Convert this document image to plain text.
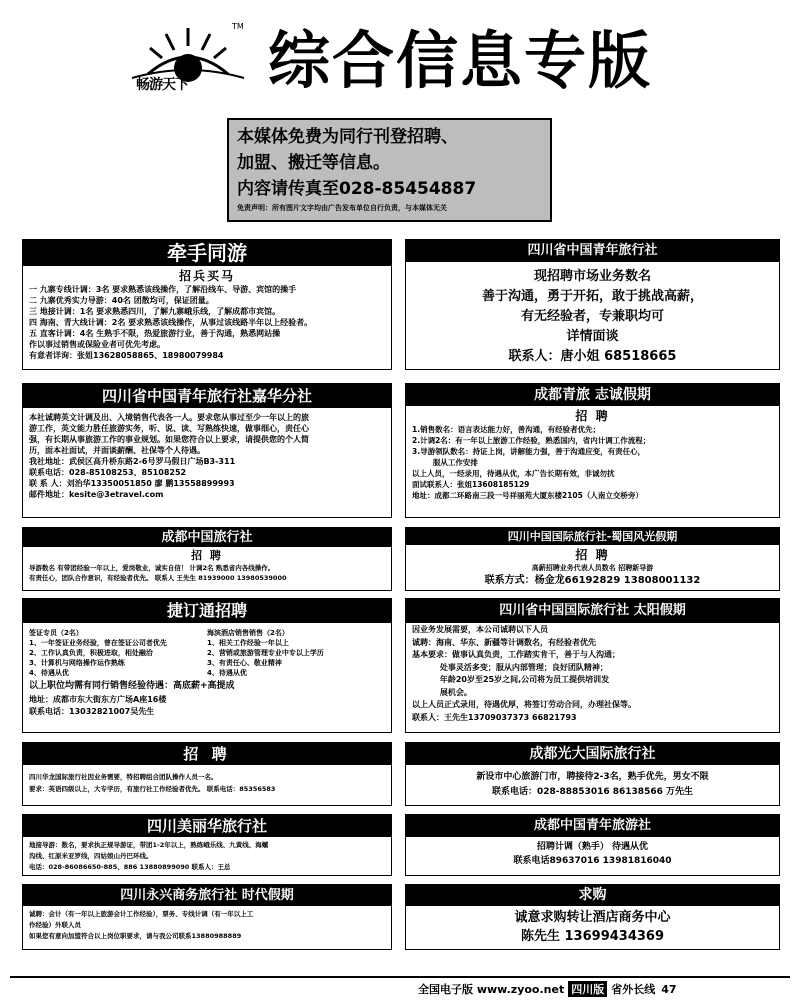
畅游天下
TM 综合信息专版
本媒体免费为同行刊登招聘、
加盟、搬迁等信息。
内容请传真至028-85454887
免责声明：所有图片文字均由广告发布单位自行负责，与本媒体无关
牵手同游
招兵买马
一 九寨专线计调：3名 要求熟悉该线操作，了解沿线车、导游、宾馆的操手
二 九寨优秀实力导游：40名 团散均可，保证团量。
三 地接计调：1名 要求熟悉四川，了解九寨峨乐线，了解成都市宾馆。
四 海南、青大线计调：2名 要求熟悉该线操作，从事过该线路半年以上经验者。
五 直客计调：4名 生熟手不限，热爱旅游行业，善于沟通，熟悉网站操
作以事过销售或保险业者可优先考虑。
有意者详询：张姐13628058865、18980079984
四川省中国青年旅行社嘉华分社
本社诚聘英文计调及出、入境销售代表各一人。要求您从事过至少一年以上的旅
游工作，英文能力胜任旅游实务，听、说、读、写熟练快速，做事细心，责任心
强，有长期从事旅游工作的事业规划。如果您符合以上要求，请提供您的个人简
历，面本社面试，并面谈薪酬、社保等个人待遇。
我社地址：武侯区高升桥东路2-6号罗马假日广场B3-311
联系电话：028-85108253、85108252
联 系 人：刘治华13350051850 廖 鹏13558899993
邮件地址：kesite@3etravel.com
成都中国旅行社
招 聘
导游数名 有带团经验一年以上，爱岗敬业，诚实自信！ 计调2名 熟悉省内各线操作。
有责任心，团队合作意识，有经验者优先。 联系人 王先生 81939000 13980539000
捷订通招聘
签证专员（2名）
1、一年签证业务经验，曾在签证公司者优先
2、工作认真负责，积极进取，相处融洽
3、计算机与网络操作运作熟练
4、待遇从优
海滨酒店销售销售（2名）
1、相关工作经验一年以上
2、营销或旅游管理专业中专以上学历
3、有责任心、敬业精神
4、待遇从优
以上职位均需有同行销售经验待遇：高底薪+高提成
地址：成都市东大街东方广场A座16楼
联系电话：13032821007吴先生
招 聘
四川华龙国际旅行社因业务需要，特招聘组合团队操作人员一名。
要求：英语四级以上，大专学历，有旅行社工作经验者优先。 联系电话：85356583
四川美丽华旅行社
地接导游：数名，要求执正规导游证，带团1-2年以上，熟练峨乐线、九黄线、海螺
沟线、红原米亚罗线，四姑娘山丹巴环线。
电话：028-86086650-885、886 13880899090 联系人：王总
四川永兴商务旅行社 时代假期
诚聘：会计（有一年以上旅游会计工作经验），票务、专线计调（有一年以上工
作经验）外联人员
如果您有意向加盟符合以上岗位职要求，请与我公司联系13880988889
四川省中国青年旅行社
现招聘市场业务数名
善于沟通，勇于开拓，敢于挑战高薪，
有无经验者，专兼职均可
详情面谈
联系人：唐小姐 68518665
成都青旅 志诚假期
招 聘
1.销售数名：语言表达能力好，善沟通，有经验者优先；
2.计调2名：有一年以上旅游工作经验，熟悉国内，省内计调工作流程；
3.导游领队数名：持证上岗，讲解能力强，善于沟通应变，有责任心，
服从工作安排
以上人员，一经录用，待遇从优，本广告长期有效，非诚勿扰
面试联系人：张姐13608185129
地址：成都二环路南三段一号祥丽苑大厦东楼2105（人南立交桥旁）
四川中国国际旅行社-蜀国风光假期
招 聘
高薪招聘业务代表人员数名 招聘新导游
联系方式：杨金龙66192829 13808001132
四川省中国国际旅行社 太阳假期
因业务发展需要，本公司诚聘以下人员
诚聘：海南、华东、新疆等计调数名，有经验者优先
基本要求：做事认真负责，工作踏实肯干，善于与人沟通；
处事灵活多变；服从内部管理；良好团队精神；
年龄20岁至25岁之间,公司将为员工提供培训发
展机会。
以上人员正式录用，待遇优厚，将签订劳动合同，办理社保等。
联系人：王先生13709037373 66821793
成都光大国际旅行社
新设市中心旅游门市，聘接待2-3名，熟手优先，男女不限
联系电话：028-88853016 86138566 万先生
成都中国青年旅游社
招聘计调（熟手） 待遇从优
联系电话89637016 13981816040
求购
诚意求购转让酒店商务中心
陈先生 13699434369
全国电子版 www.zyoo.net 四川版 省外长线 47
